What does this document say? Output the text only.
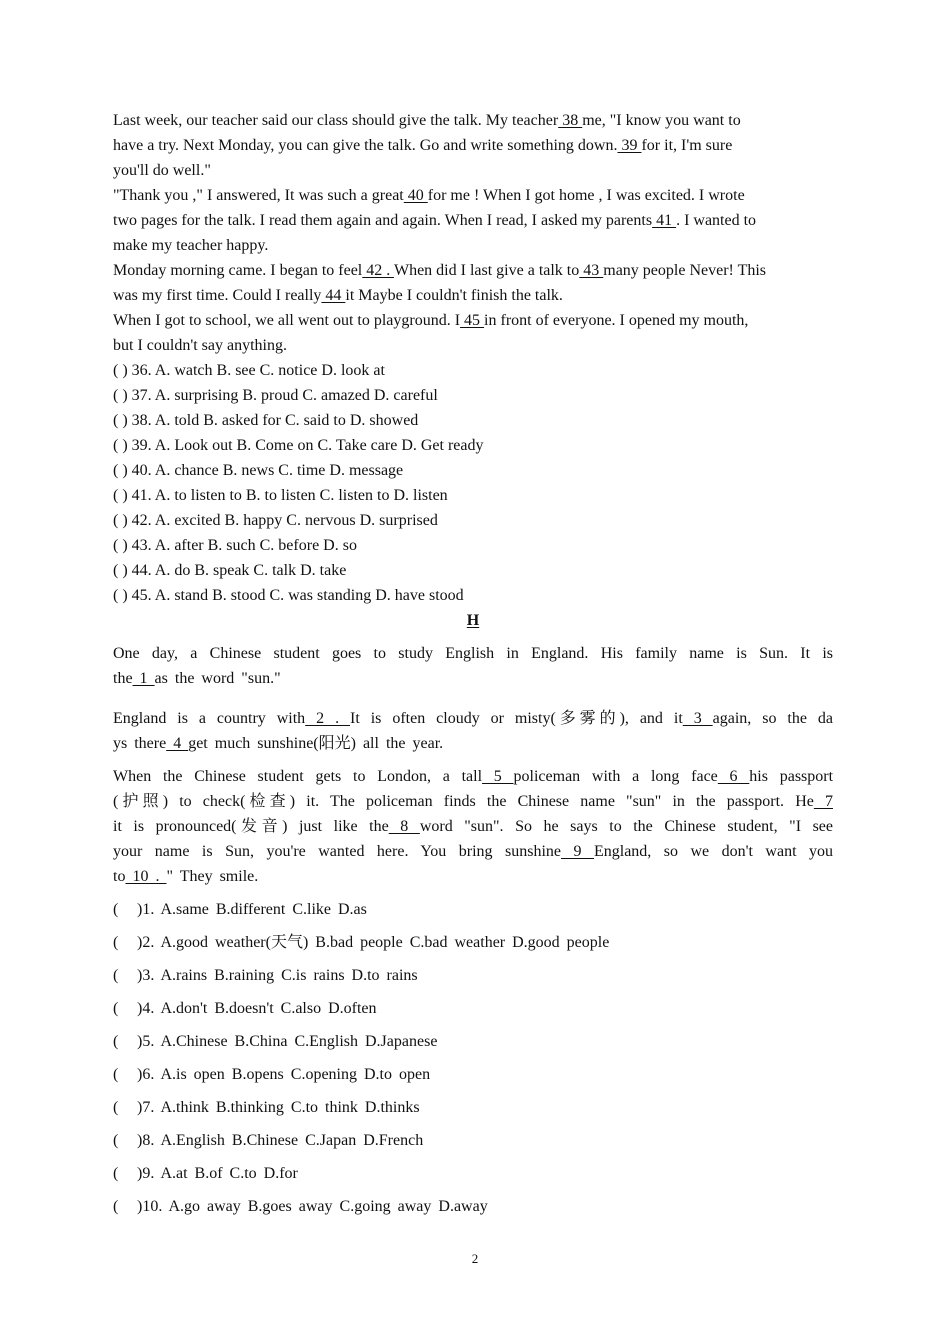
Last week, our teacher said our class should give the talk. My teacher 38 me, "I know you want to

have a try. Next Monday, you can give the talk. Go and write something down. 39 for it, I'm sure

you'll do well."

"Thank you ," I answered, It was such a great 40 for me ! When I got home , I was excited. I wrote

two pages for the talk. I read them again and again. When I read, I asked my parents 41 . I wanted to

make my teacher happy.

Monday morning came. I began to feel 42 . When did I last give a talk to 43 many people Never! This

was my first time. Could I really 44 it Maybe I couldn't finish the talk.

When I got to school, we all went out to playground. I 45 in front of everyone. I opened my mouth,

but I couldn't say anything.

( ) 36. A. watch B. see C. notice D. look at

( ) 37. A. surprising B. proud C. amazed D. careful

( ) 38. A. told B. asked for C. said to D. showed

( ) 39. A. Look out B. Come on C. Take care D. Get ready

( ) 40. A. chance B. news C. time D. message

( ) 41. A. to listen to B. to listen C. listen to D. listen

( ) 42. A. excited B. happy C. nervous D. surprised

( ) 43. A. after B. such C. before D. so

( ) 44. A. do B. speak C. talk D. take

( ) 45. A. stand B. stood C. was standing D. have stood

H

One day, a Chinese student goes to study English in England. His family name is Sun. It is

the 1 as the word "sun."

England is a country with 2 . It is often cloudy or misty(多雾的), and it 3 again, so the da

ys there 4 get much sunshine(阳光) all the year.

When the Chinese student gets to London, a tall 5 policeman with a long face 6 his passport

(护照) to check(检查) it. The policeman finds the Chinese name "sun" in the passport. He 7

it is pronounced(发音) just like the 8 word "sun". So he says to the Chinese student, "I see

your name is Sun, you're wanted here. You bring sunshine 9 England, so we don't want you

to 10 . " They smile.

( )1. A.same B.different C.like D.as

( )2. A.good weather(天气) B.bad people C.bad weather D.good people

( )3. A.rains B.raining C.is rains D.to rains

( )4. A.don't B.doesn't C.also D.often

( )5. A.Chinese B.China C.English D.Japanese

( )6. A.is open B.opens C.opening D.to open

( )7. A.think B.thinking C.to think D.thinks

( )8. A.English B.Chinese C.Japan D.French

( )9. A.at B.of C.to D.for

( )10. A.go away B.goes away C.going away D.away

2
